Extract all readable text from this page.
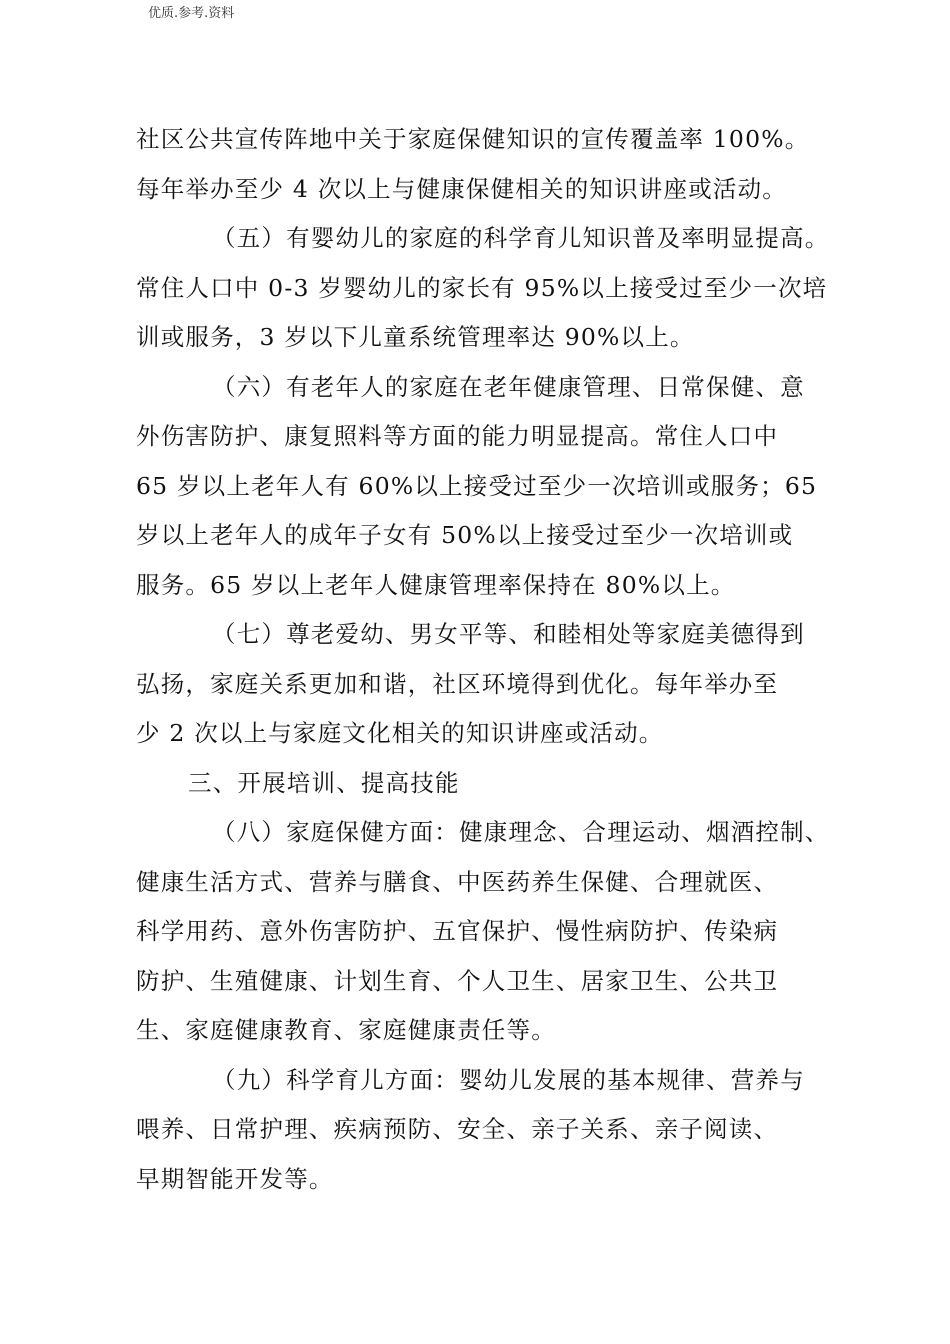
优质.参考.资料
社区公共宣传阵地中关于家庭保健知识的宣传覆盖率 100%。
每年举办至少 4 次以上与健康保健相关的知识讲座或活动。
（五）有婴幼儿的家庭的科学育儿知识普及率明显提高。
常住人口中 0-3 岁婴幼儿的家长有 95%以上接受过至少一次培
训或服务，3 岁以下儿童系统管理率达 90%以上。
（六）有老年人的家庭在老年健康管理、日常保健、意
外伤害防护、康复照料等方面的能力明显提高。常住人口中
65 岁以上老年人有 60%以上接受过至少一次培训或服务；65
岁以上老年人的成年子女有 50%以上接受过至少一次培训或
服务。65 岁以上老年人健康管理率保持在 80%以上。
（七）尊老爱幼、男女平等、和睦相处等家庭美德得到
弘扬，家庭关系更加和谐，社区环境得到优化。每年举办至
少 2 次以上与家庭文化相关的知识讲座或活动。
三、开展培训、提高技能
（八）家庭保健方面：健康理念、合理运动、烟酒控制、
健康生活方式、营养与膳食、中医药养生保健、合理就医、
科学用药、意外伤害防护、五官保护、慢性病防护、传染病
防护、生殖健康、计划生育、个人卫生、居家卫生、公共卫
生、家庭健康教育、家庭健康责任等。
（九）科学育儿方面：婴幼儿发展的基本规律、营养与
喂养、日常护理、疾病预防、安全、亲子关系、亲子阅读、
早期智能开发等。
